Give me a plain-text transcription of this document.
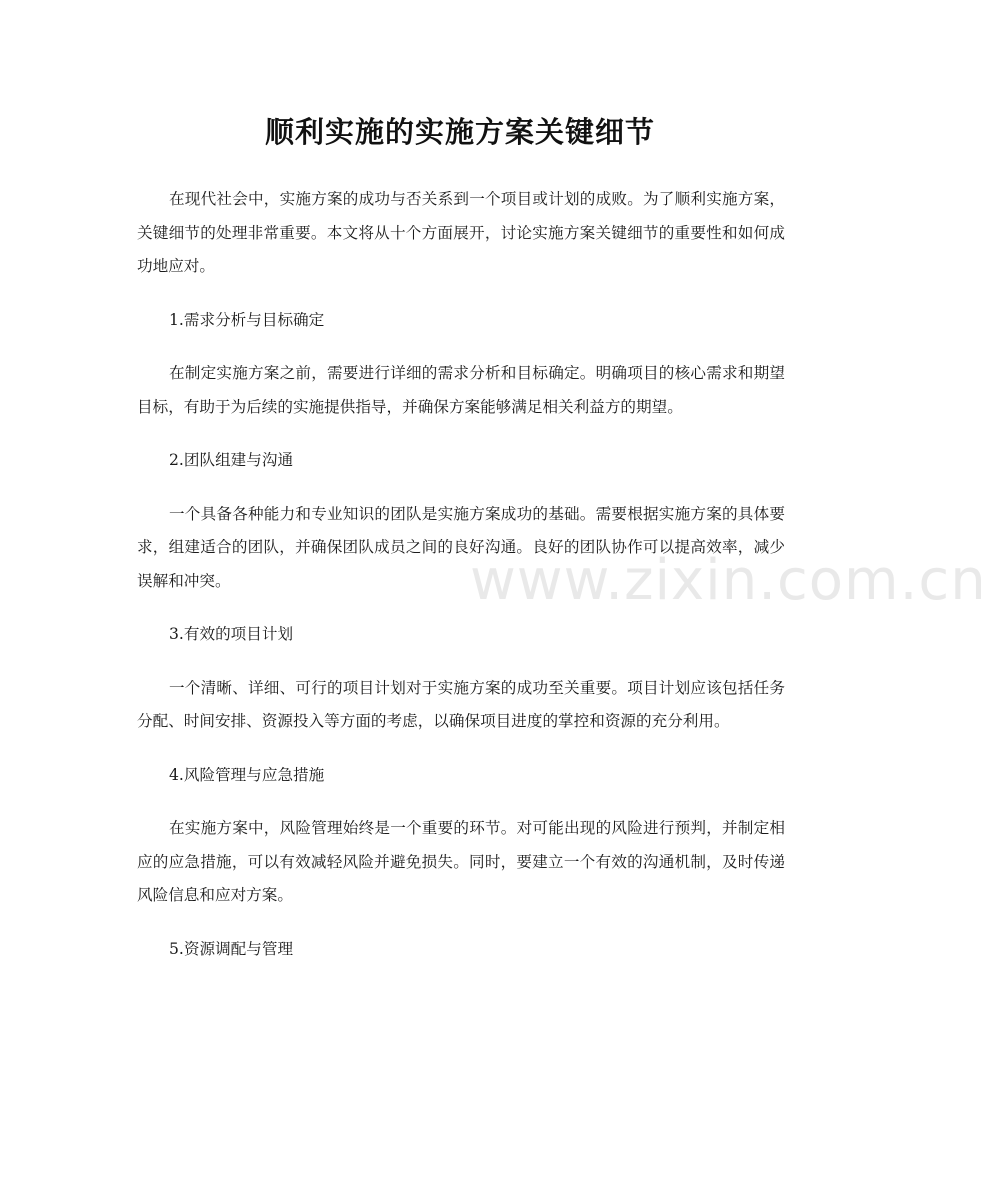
顺利实施的实施方案关键细节
www.zixin.com.cn

在现代社会中，实施方案的成功与否关系到一个项目或计划的成败。为了顺利实施方案，关键细节的处理非常重要。本文将从十个方面展开，讨论实施方案关键细节的重要性和如何成功地应对。

1.需求分析与目标确定

在制定实施方案之前，需要进行详细的需求分析和目标确定。明确项目的核心需求和期望目标，有助于为后续的实施提供指导，并确保方案能够满足相关利益方的期望。

2.团队组建与沟通

一个具备各种能力和专业知识的团队是实施方案成功的基础。需要根据实施方案的具体要求，组建适合的团队，并确保团队成员之间的良好沟通。良好的团队协作可以提高效率，减少误解和冲突。

3.有效的项目计划

一个清晰、详细、可行的项目计划对于实施方案的成功至关重要。项目计划应该包括任务分配、时间安排、资源投入等方面的考虑，以确保项目进度的掌控和资源的充分利用。

4.风险管理与应急措施

在实施方案中，风险管理始终是一个重要的环节。对可能出现的风险进行预判，并制定相应的应急措施，可以有效减轻风险并避免损失。同时，要建立一个有效的沟通机制，及时传递风险信息和应对方案。

5.资源调配与管理
